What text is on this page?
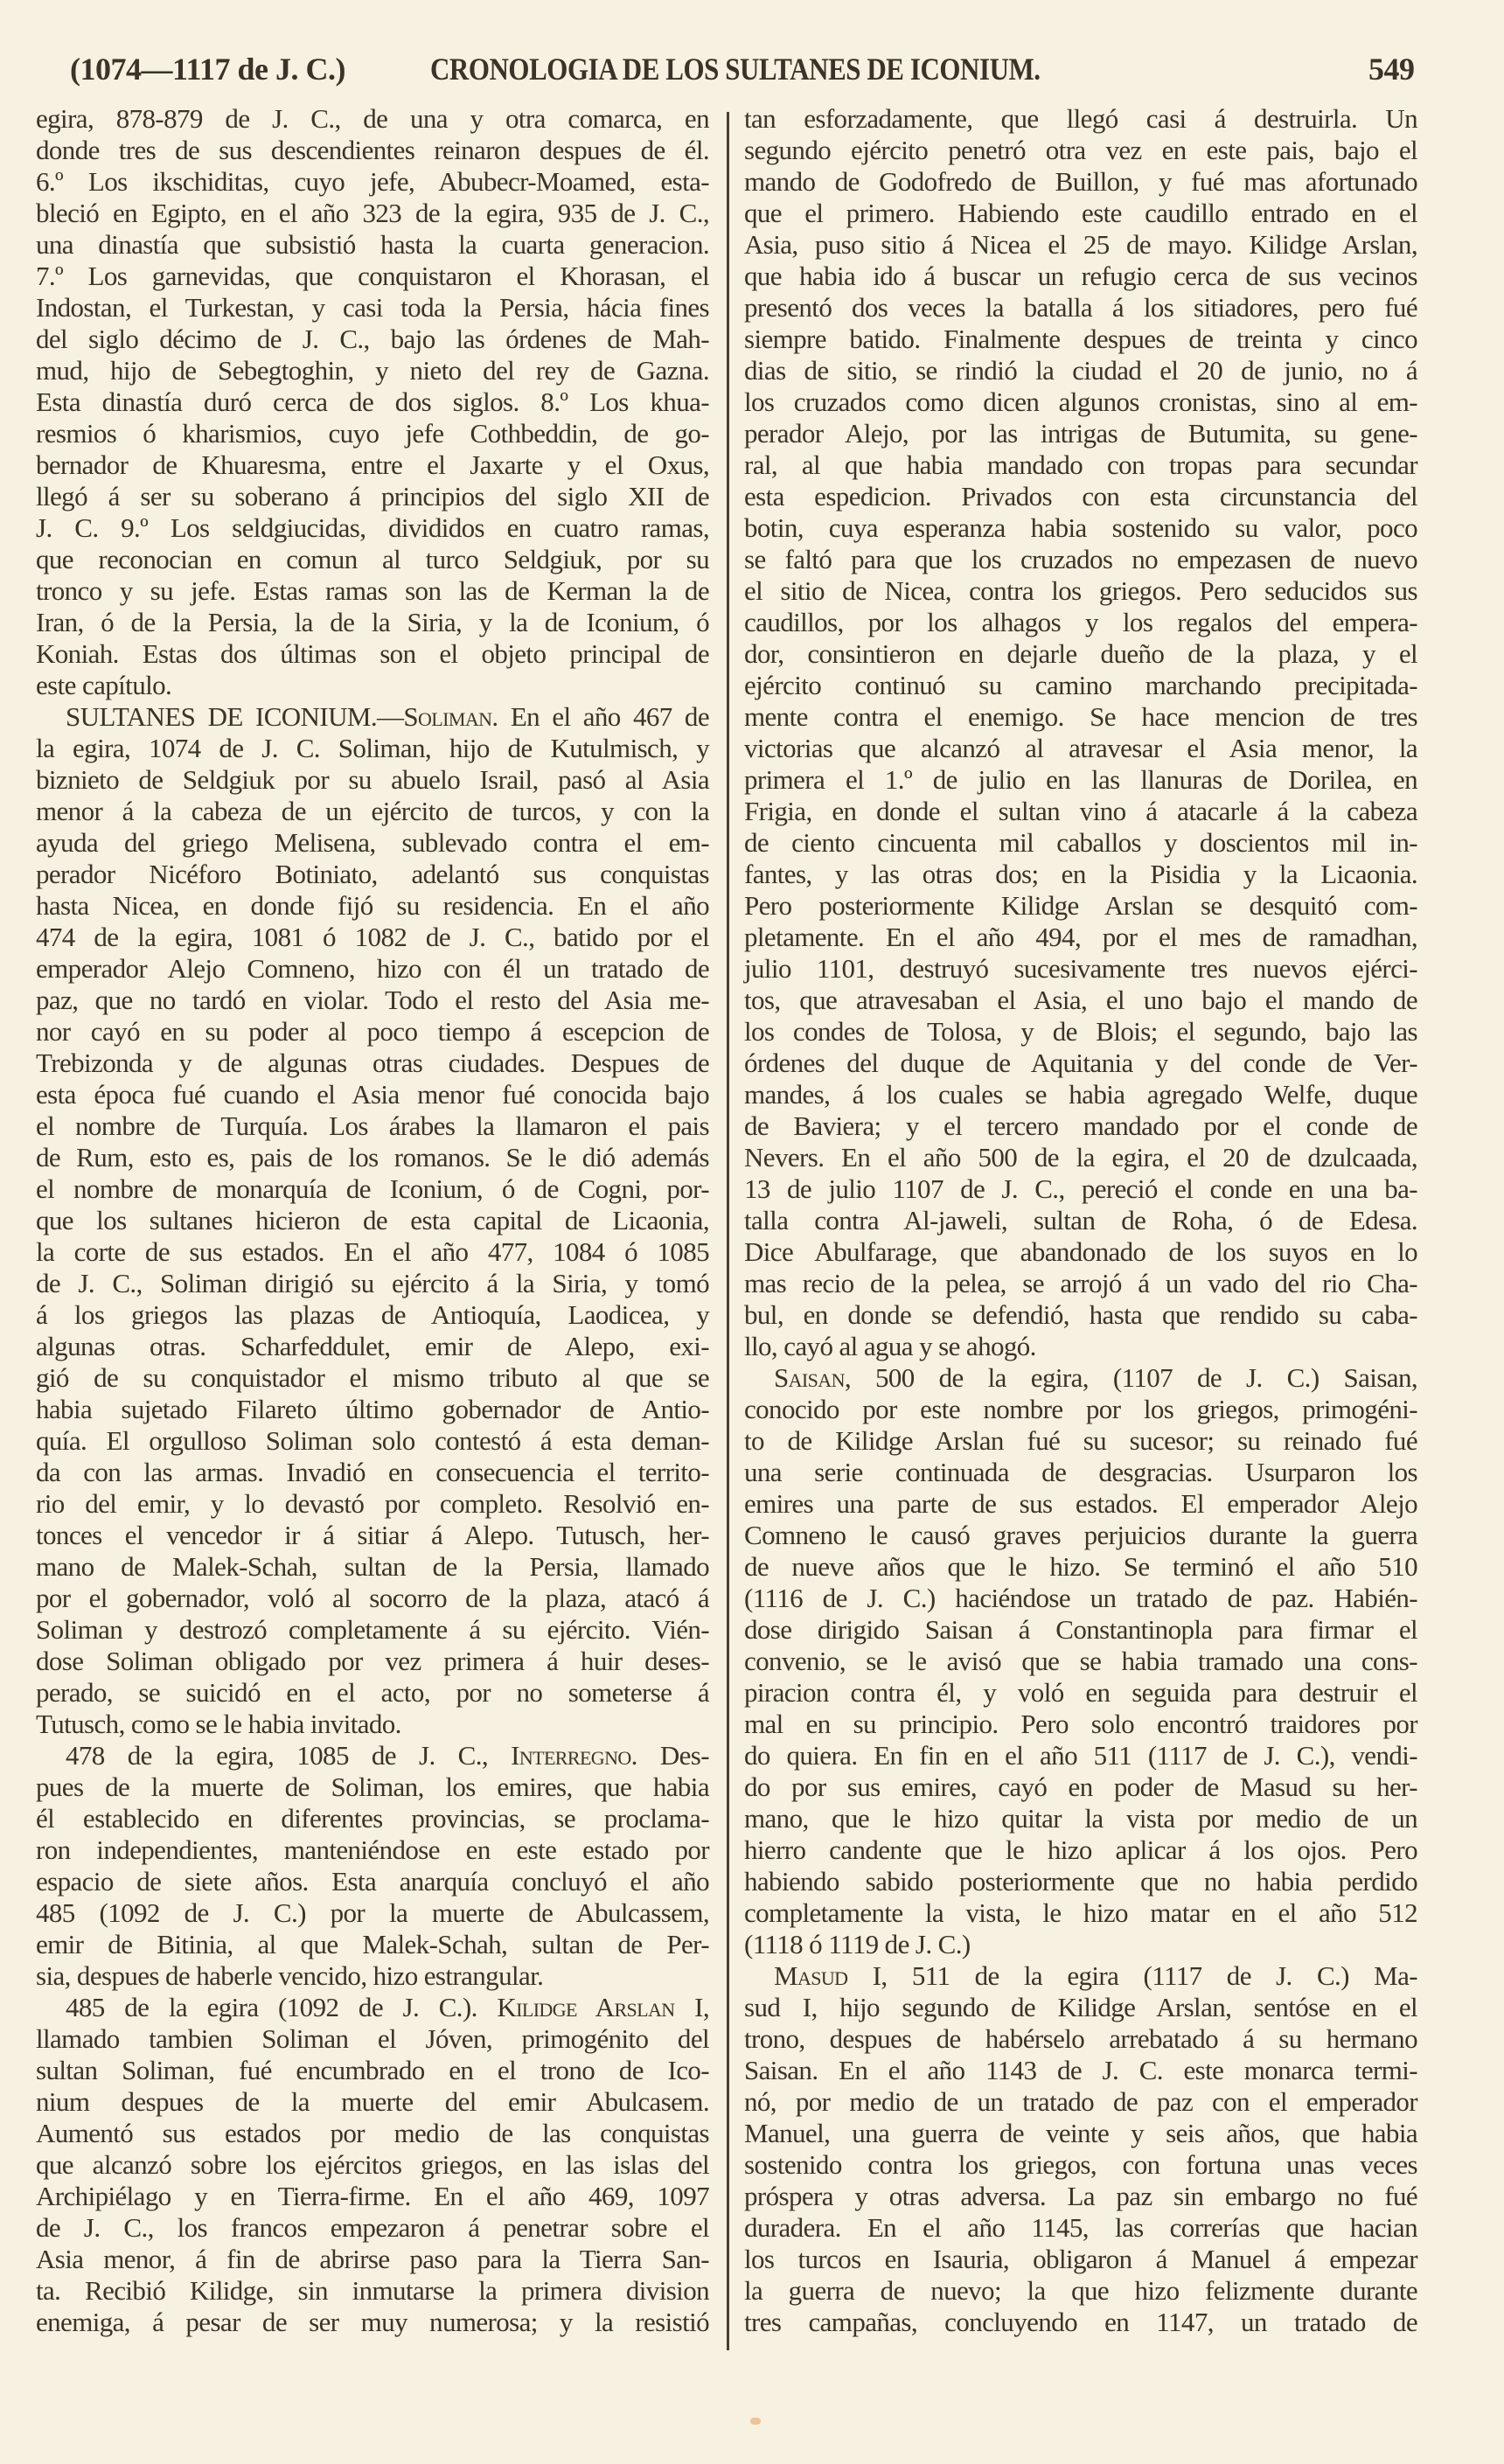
(1074—1117 de J. C.)	CRONOLOGIA DE LOS SULTANES DE ICONIUM.	549
egira, 878-879 de J. C., de una y otra comarca, en
donde tres de sus descendientes reinaron despues de él.
6.º Los ikschiditas, cuyo jefe, Abubecr-Moamed, esta-
bleció en Egipto, en el año 323 de la egira, 935 de J. C.,
una dinastía que subsistió hasta la cuarta generacion.
7.º Los garnevidas, que conquistaron el Khorasan, el
Indostan, el Turkestan, y casi toda la Persia, hácia fines
del siglo décimo de J. C., bajo las órdenes de Mah-
mud, hijo de Sebegtoghin, y nieto del rey de Gazna.
Esta dinastía duró cerca de dos siglos. 8.º Los khua-
resmios ó kharismios, cuyo jefe Cothbeddin, de go-
bernador de Khuaresma, entre el Jaxarte y el Oxus,
llegó á ser su soberano á principios del siglo XII de
J. C. 9.º Los seldgiucidas, divididos en cuatro ramas,
que reconocian en comun al turco Seldgiuk, por su
tronco y su jefe. Estas ramas son las de Kerman la de
Iran, ó de la Persia, la de la Siria, y la de Iconium, ó
Koniah. Estas dos últimas son el objeto principal de
este capítulo.
SULTANES DE ICONIUM.—Soliman. En el año 467 de
la egira, 1074 de J. C. Soliman, hijo de Kutulmisch, y
biznieto de Seldgiuk por su abuelo Israil, pasó al Asia
menor á la cabeza de un ejército de turcos, y con la
ayuda del griego Melisena, sublevado contra el em-
perador Nicéforo Botiniato, adelantó sus conquistas
hasta Nicea, en donde fijó su residencia. En el año
474 de la egira, 1081 ó 1082 de J. C., batido por el
emperador Alejo Comneno, hizo con él un tratado de
paz, que no tardó en violar. Todo el resto del Asia me-
nor cayó en su poder al poco tiempo á escepcion de
Trebizonda y de algunas otras ciudades. Despues de
esta época fué cuando el Asia menor fué conocida bajo
el nombre de Turquía. Los árabes la llamaron el pais
de Rum, esto es, pais de los romanos. Se le dió además
el nombre de monarquía de Iconium, ó de Cogni, por-
que los sultanes hicieron de esta capital de Licaonia,
la corte de sus estados. En el año 477, 1084 ó 1085
de J. C., Soliman dirigió su ejército á la Siria, y tomó
á los griegos las plazas de Antioquía, Laodicea, y
algunas otras. Scharfeddulet, emir de Alepo, exi-
gió de su conquistador el mismo tributo al que se
habia sujetado Filareto último gobernador de Antio-
quía. El orgulloso Soliman solo contestó á esta deman-
da con las armas. Invadió en consecuencia el territo-
rio del emir, y lo devastó por completo. Resolvió en-
tonces el vencedor ir á sitiar á Alepo. Tutusch, her-
mano de Malek-Schah, sultan de la Persia, llamado
por el gobernador, voló al socorro de la plaza, atacó á
Soliman y destrozó completamente á su ejército. Vién-
dose Soliman obligado por vez primera á huir deses-
perado, se suicidó en el acto, por no someterse á
Tutusch, como se le habia invitado.
478 de la egira, 1085 de J. C., Interregno. Des-
pues de la muerte de Soliman, los emires, que habia
él establecido en diferentes provincias, se proclama-
ron independientes, manteniéndose en este estado por
espacio de siete años. Esta anarquía concluyó el año
485 (1092 de J. C.) por la muerte de Abulcassem,
emir de Bitinia, al que Malek-Schah, sultan de Per-
sia, despues de haberle vencido, hizo estrangular.
485 de la egira (1092 de J. C.). Kilidge Arslan I,
llamado tambien Soliman el Jóven, primogénito del
sultan Soliman, fué encumbrado en el trono de Ico-
nium despues de la muerte del emir Abulcasem.
Aumentó sus estados por medio de las conquistas
que alcanzó sobre los ejércitos griegos, en las islas del
Archipiélago y en Tierra-firme. En el año 469, 1097
de J. C., los francos empezaron á penetrar sobre el
Asia menor, á fin de abrirse paso para la Tierra San-
ta. Recibió Kilidge, sin inmutarse la primera division
enemiga, á pesar de ser muy numerosa; y la resistió
tan esforzadamente, que llegó casi á destruirla. Un
segundo ejército penetró otra vez en este pais, bajo el
mando de Godofredo de Buillon, y fué mas afortunado
que el primero. Habiendo este caudillo entrado en el
Asia, puso sitio á Nicea el 25 de mayo. Kilidge Arslan,
que habia ido á buscar un refugio cerca de sus vecinos
presentó dos veces la batalla á los sitiadores, pero fué
siempre batido. Finalmente despues de treinta y cinco
dias de sitio, se rindió la ciudad el 20 de junio, no á
los cruzados como dicen algunos cronistas, sino al em-
perador Alejo, por las intrigas de Butumita, su gene-
ral, al que habia mandado con tropas para secundar
esta espedicion. Privados con esta circunstancia del
botin, cuya esperanza habia sostenido su valor, poco
se faltó para que los cruzados no empezasen de nuevo
el sitio de Nicea, contra los griegos. Pero seducidos sus
caudillos, por los alhagos y los regalos del empera-
dor, consintieron en dejarle dueño de la plaza, y el
ejército continuó su camino marchando precipitada-
mente contra el enemigo. Se hace mencion de tres
victorias que alcanzó al atravesar el Asia menor, la
primera el 1.º de julio en las llanuras de Dorilea, en
Frigia, en donde el sultan vino á atacarle á la cabeza
de ciento cincuenta mil caballos y doscientos mil in-
fantes, y las otras dos; en la Pisidia y la Licaonia.
Pero posteriormente Kilidge Arslan se desquitó com-
pletamente. En el año 494, por el mes de ramadhan,
julio 1101, destruyó sucesivamente tres nuevos ejérci-
tos, que atravesaban el Asia, el uno bajo el mando de
los condes de Tolosa, y de Blois; el segundo, bajo las
órdenes del duque de Aquitania y del conde de Ver-
mandes, á los cuales se habia agregado Welfe, duque
de Baviera; y el tercero mandado por el conde de
Nevers. En el año 500 de la egira, el 20 de dzulcaada,
13 de julio 1107 de J. C., pereció el conde en una ba-
talla contra Al-jaweli, sultan de Roha, ó de Edesa.
Dice Abulfarage, que abandonado de los suyos en lo
mas recio de la pelea, se arrojó á un vado del rio Cha-
bul, en donde se defendió, hasta que rendido su caba-
llo, cayó al agua y se ahogó.
Saisan, 500 de la egira, (1107 de J. C.) Saisan,
conocido por este nombre por los griegos, primogéni-
to de Kilidge Arslan fué su sucesor; su reinado fué
una serie continuada de desgracias. Usurparon los
emires una parte de sus estados. El emperador Alejo
Comneno le causó graves perjuicios durante la guerra
de nueve años que le hizo. Se terminó el año 510
(1116 de J. C.) haciéndose un tratado de paz. Habién-
dose dirigido Saisan á Constantinopla para firmar el
convenio, se le avisó que se habia tramado una cons-
piracion contra él, y voló en seguida para destruir el
mal en su principio. Pero solo encontró traidores por
do quiera. En fin en el año 511 (1117 de J. C.), vendi-
do por sus emires, cayó en poder de Masud su her-
mano, que le hizo quitar la vista por medio de un
hierro candente que le hizo aplicar á los ojos. Pero
habiendo sabido posteriormente que no habia perdido
completamente la vista, le hizo matar en el año 512
(1118 ó 1119 de J. C.)
Masud I, 511 de la egira (1117 de J. C.) Ma-
sud I, hijo segundo de Kilidge Arslan, sentóse en el
trono, despues de habérselo arrebatado á su hermano
Saisan. En el año 1143 de J. C. este monarca termi-
nó, por medio de un tratado de paz con el emperador
Manuel, una guerra de veinte y seis años, que habia
sostenido contra los griegos, con fortuna unas veces
próspera y otras adversa. La paz sin embargo no fué
duradera. En el año 1145, las correrías que hacian
los turcos en Isauria, obligaron á Manuel á empezar
la guerra de nuevo; la que hizo felizmente durante
tres campañas, concluyendo en 1147, un tratado de
